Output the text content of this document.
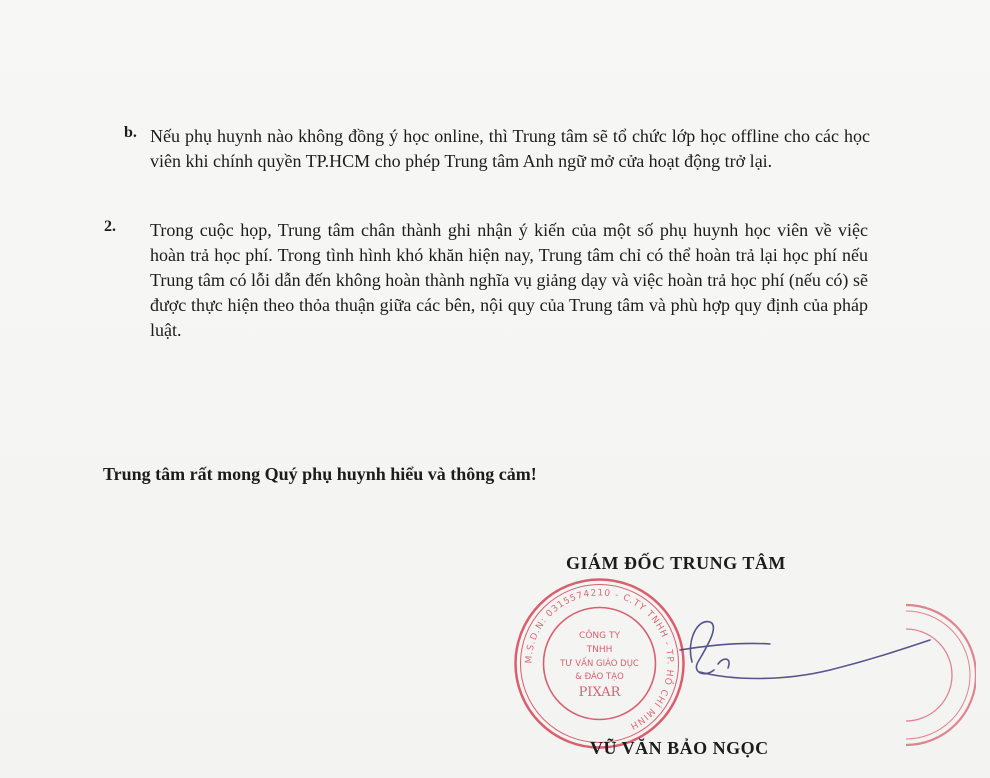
b. Nếu phụ huynh nào không đồng ý học online, thì Trung tâm sẽ tổ chức lớp học offline cho các học viên khi chính quyền TP.HCM cho phép Trung tâm Anh ngữ mở cửa hoạt động trở lại.

2. Trong cuộc họp, Trung tâm chân thành ghi nhận ý kiến của một số phụ huynh học viên về việc hoàn trả học phí. Trong tình hình khó khăn hiện nay, Trung tâm chỉ có thể hoàn trả lại học phí nếu Trung tâm có lỗi dẫn đến không hoàn thành nghĩa vụ giảng dạy và việc hoàn trả học phí (nếu có) sẽ được thực hiện theo thỏa thuận giữa các bên, nội quy của Trung tâm và phù hợp quy định của pháp luật.

Trung tâm rất mong Quý phụ huynh hiểu và thông cảm!
GIÁM ĐỐC TRUNG TÂM
M.S.D.N: 0315574210 - C.TY TNHH - TP. HỒ CHÍ MINH
CÔNG TY
TNHH
TƯ VẤN GIÁO DỤC
& ĐÀO TẠO
PIXAR
VŨ VĂN BẢO NGỌC
